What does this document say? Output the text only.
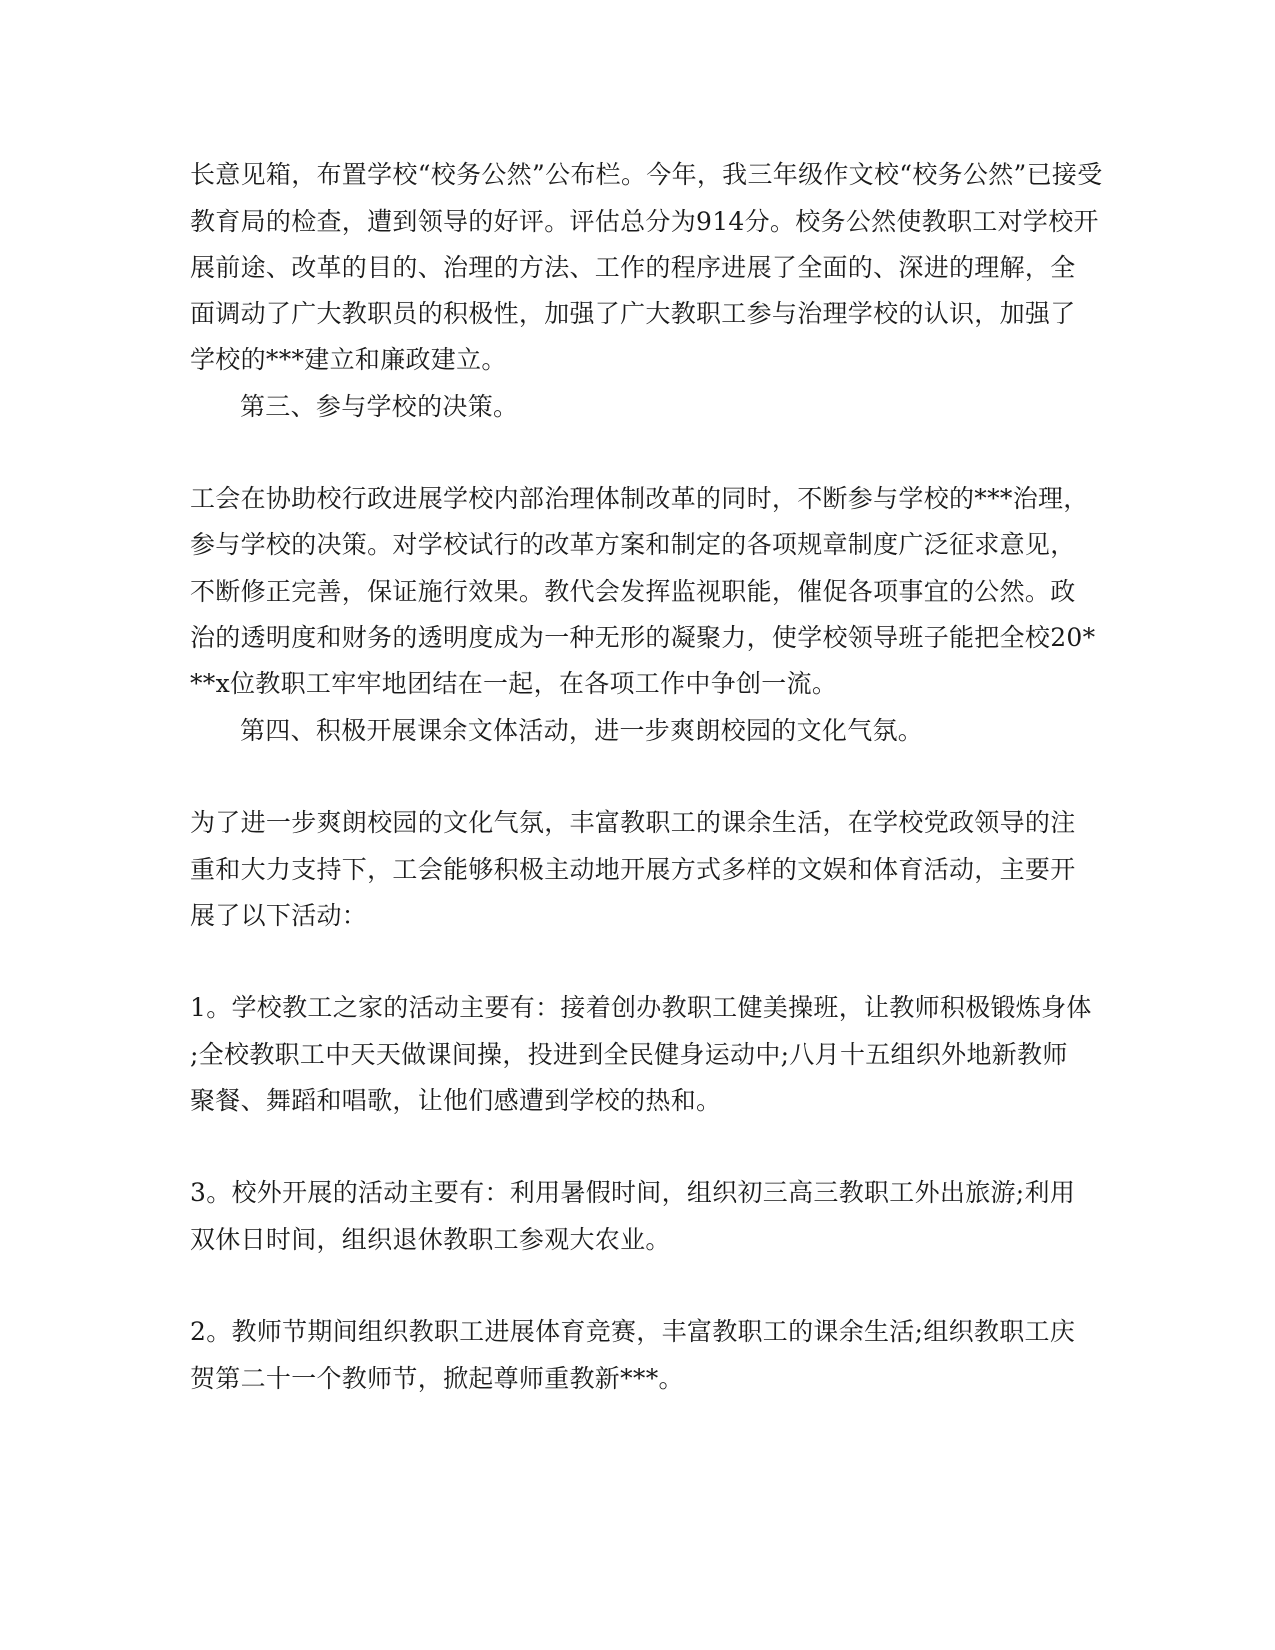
长意见箱，布置学校“校务公然”公布栏。今年，我三年级作文校“校务公然”已接受
教育局的检查，遭到领导的好评。评估总分为914分。校务公然使教职工对学校开
展前途、改革的目的、治理的方法、工作的程序进展了全面的、深进的理解，全
面调动了广大教职员的积极性，加强了广大教职工参与治理学校的认识，加强了
学校的***建立和廉政建立。
第三、参与学校的决策。
工会在协助校行政进展学校内部治理体制改革的同时，不断参与学校的***治理，
参与学校的决策。对学校试行的改革方案和制定的各项规章制度广泛征求意见，
不断修正完善，保证施行效果。教代会发挥监视职能，催促各项事宜的公然。政
治的透明度和财务的透明度成为一种无形的凝聚力，使学校领导班子能把全校20*
**x位教职工牢牢地团结在一起，在各项工作中争创一流。
第四、积极开展课余文体活动，进一步爽朗校园的文化气氛。
为了进一步爽朗校园的文化气氛，丰富教职工的课余生活，在学校党政领导的注
重和大力支持下，工会能够积极主动地开展方式多样的文娱和体育活动，主要开
展了以下活动：
1。学校教工之家的活动主要有：接着创办教职工健美操班，让教师积极锻炼身体
;全校教职工中天天做课间操，投进到全民健身运动中;八月十五组织外地新教师
聚餐、舞蹈和唱歌，让他们感遭到学校的热和。
3。校外开展的活动主要有：利用暑假时间，组织初三高三教职工外出旅游;利用
双休日时间，组织退休教职工参观大农业。
2。教师节期间组织教职工进展体育竞赛，丰富教职工的课余生活;组织教职工庆
贺第二十一个教师节，掀起尊师重教新***。
